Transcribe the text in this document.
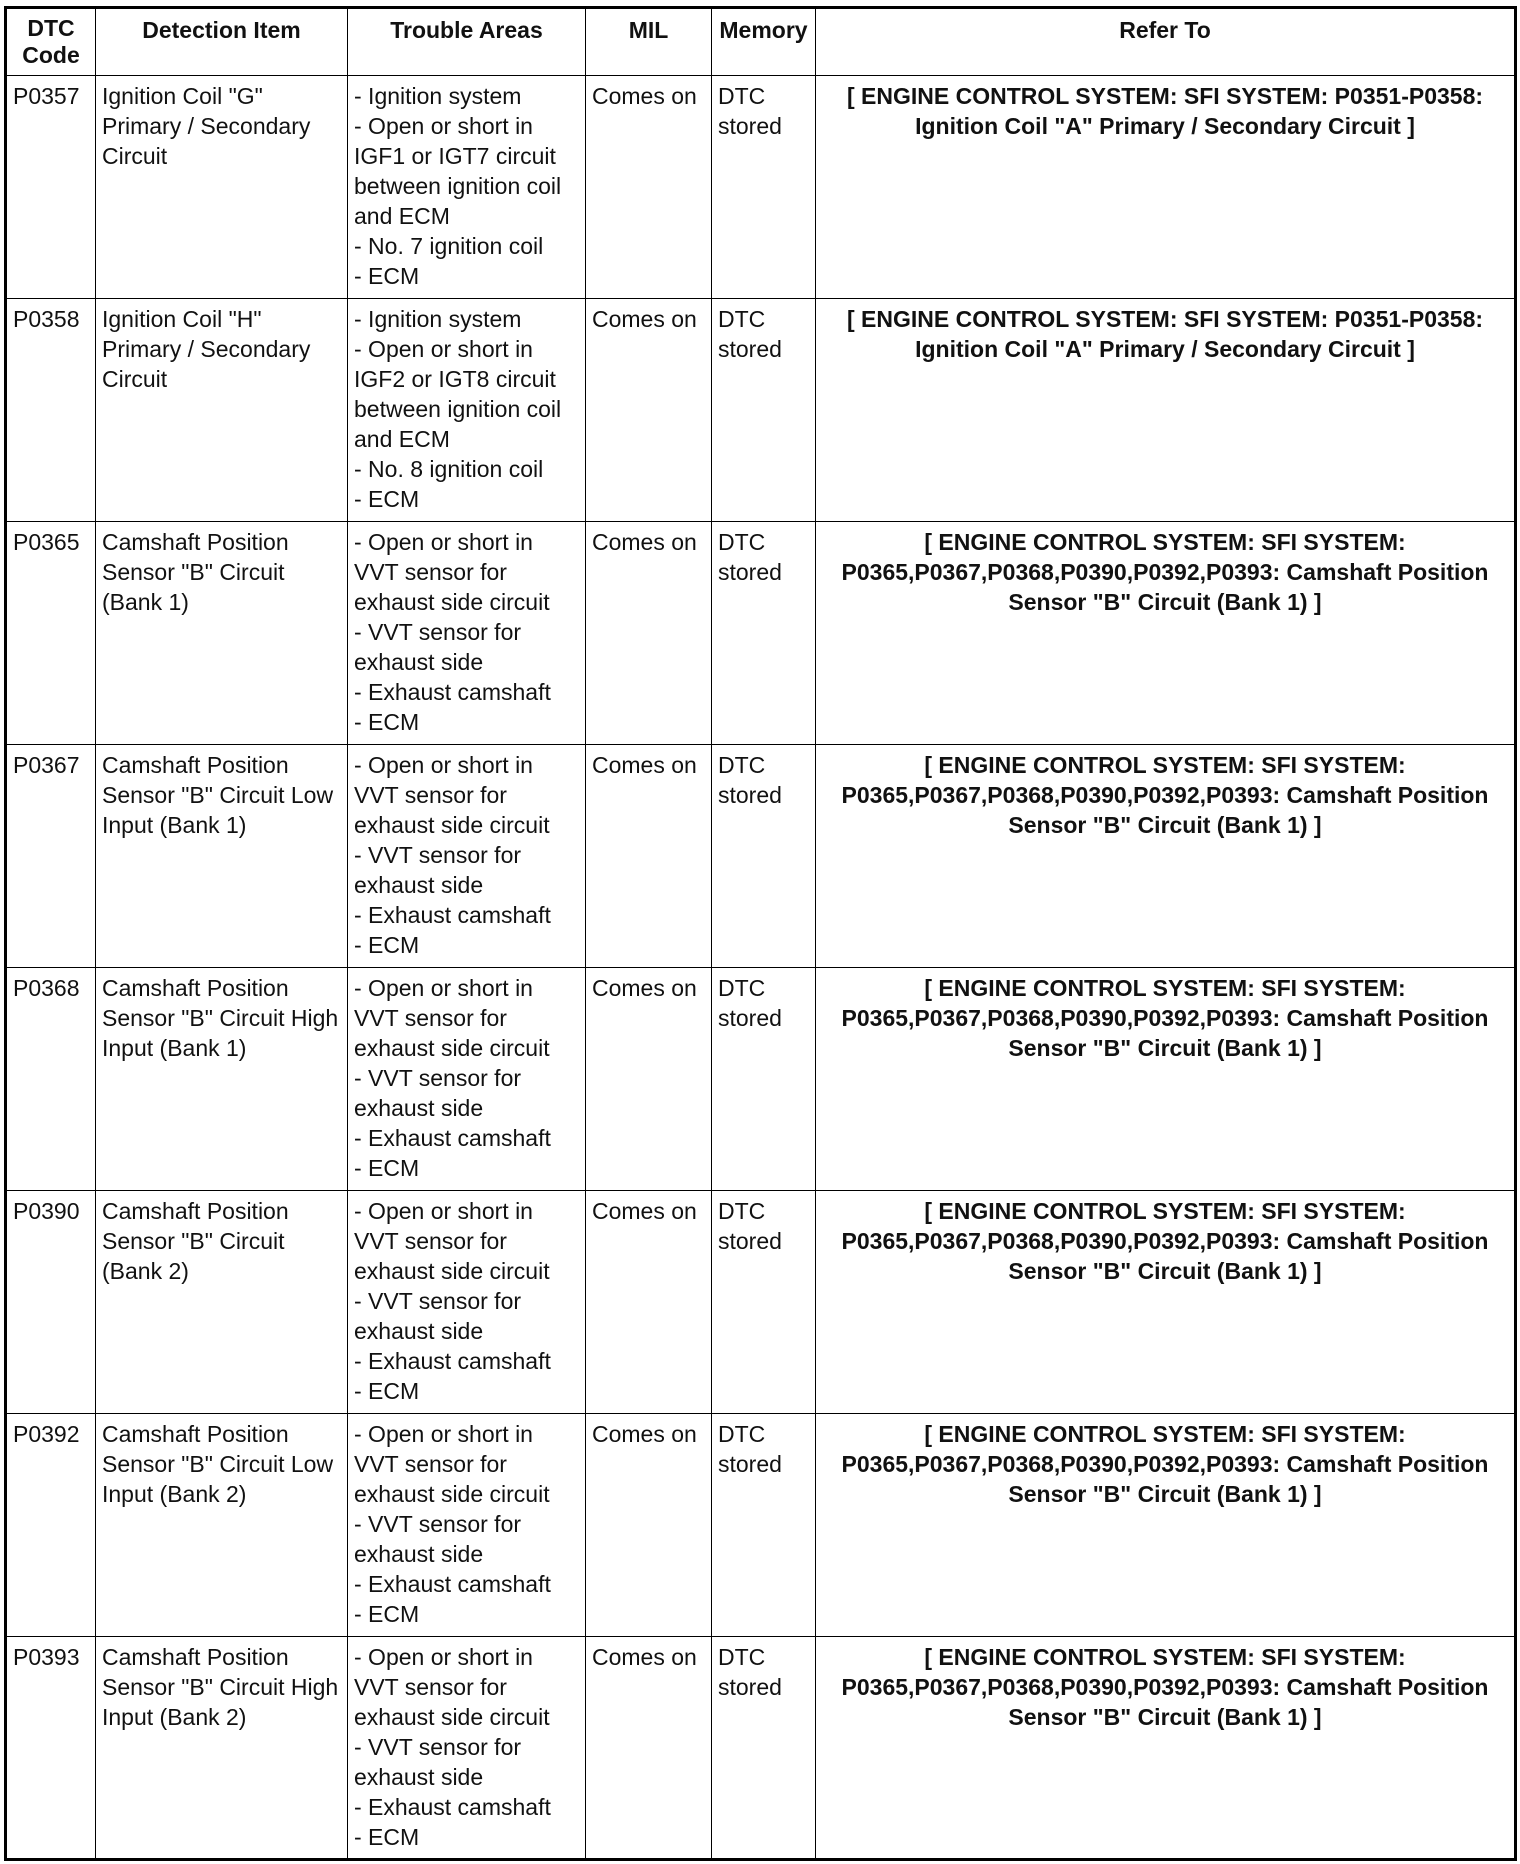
DTC
Code	Detection Item	Trouble Areas	MIL	Memory	Refer To
P0357	Ignition Coil "G" Primary / Secondary Circuit	- Ignition system
- Open or short in IGF1 or IGT7 circuit between ignition coil and ECM
- No. 7 ignition coil
- ECM	Comes on	DTC stored	[ ENGINE CONTROL SYSTEM: SFI SYSTEM: P0351-P0358: Ignition Coil "A" Primary / Secondary Circuit ]
P0358	Ignition Coil "H" Primary / Secondary Circuit	- Ignition system
- Open or short in IGF2 or IGT8 circuit between ignition coil and ECM
- No. 8 ignition coil
- ECM	Comes on	DTC stored	[ ENGINE CONTROL SYSTEM: SFI SYSTEM: P0351-P0358: Ignition Coil "A" Primary / Secondary Circuit ]
P0365	Camshaft Position Sensor "B" Circuit (Bank 1)	- Open or short in VVT sensor for exhaust side circuit
- VVT sensor for exhaust side
- Exhaust camshaft
- ECM	Comes on	DTC stored	[ ENGINE CONTROL SYSTEM: SFI SYSTEM: P0365,P0367,P0368,P0390,P0392,P0393: Camshaft Position Sensor "B" Circuit (Bank 1) ]
P0367	Camshaft Position Sensor "B" Circuit Low Input (Bank 1)	- Open or short in VVT sensor for exhaust side circuit
- VVT sensor for exhaust side
- Exhaust camshaft
- ECM	Comes on	DTC stored	[ ENGINE CONTROL SYSTEM: SFI SYSTEM: P0365,P0367,P0368,P0390,P0392,P0393: Camshaft Position Sensor "B" Circuit (Bank 1) ]
P0368	Camshaft Position Sensor "B" Circuit High Input (Bank 1)	- Open or short in VVT sensor for exhaust side circuit
- VVT sensor for exhaust side
- Exhaust camshaft
- ECM	Comes on	DTC stored	[ ENGINE CONTROL SYSTEM: SFI SYSTEM: P0365,P0367,P0368,P0390,P0392,P0393: Camshaft Position Sensor "B" Circuit (Bank 1) ]
P0390	Camshaft Position Sensor "B" Circuit (Bank 2)	- Open or short in VVT sensor for exhaust side circuit
- VVT sensor for exhaust side
- Exhaust camshaft
- ECM	Comes on	DTC stored	[ ENGINE CONTROL SYSTEM: SFI SYSTEM: P0365,P0367,P0368,P0390,P0392,P0393: Camshaft Position Sensor "B" Circuit (Bank 1) ]
P0392	Camshaft Position Sensor "B" Circuit Low Input (Bank 2)	- Open or short in VVT sensor for exhaust side circuit
- VVT sensor for exhaust side
- Exhaust camshaft
- ECM	Comes on	DTC stored	[ ENGINE CONTROL SYSTEM: SFI SYSTEM: P0365,P0367,P0368,P0390,P0392,P0393: Camshaft Position Sensor "B" Circuit (Bank 1) ]
P0393	Camshaft Position Sensor "B" Circuit High Input (Bank 2)	- Open or short in VVT sensor for exhaust side circuit
- VVT sensor for exhaust side
- Exhaust camshaft
- ECM	Comes on	DTC stored	[ ENGINE CONTROL SYSTEM: SFI SYSTEM: P0365,P0367,P0368,P0390,P0392,P0393: Camshaft Position Sensor "B" Circuit (Bank 1) ]
